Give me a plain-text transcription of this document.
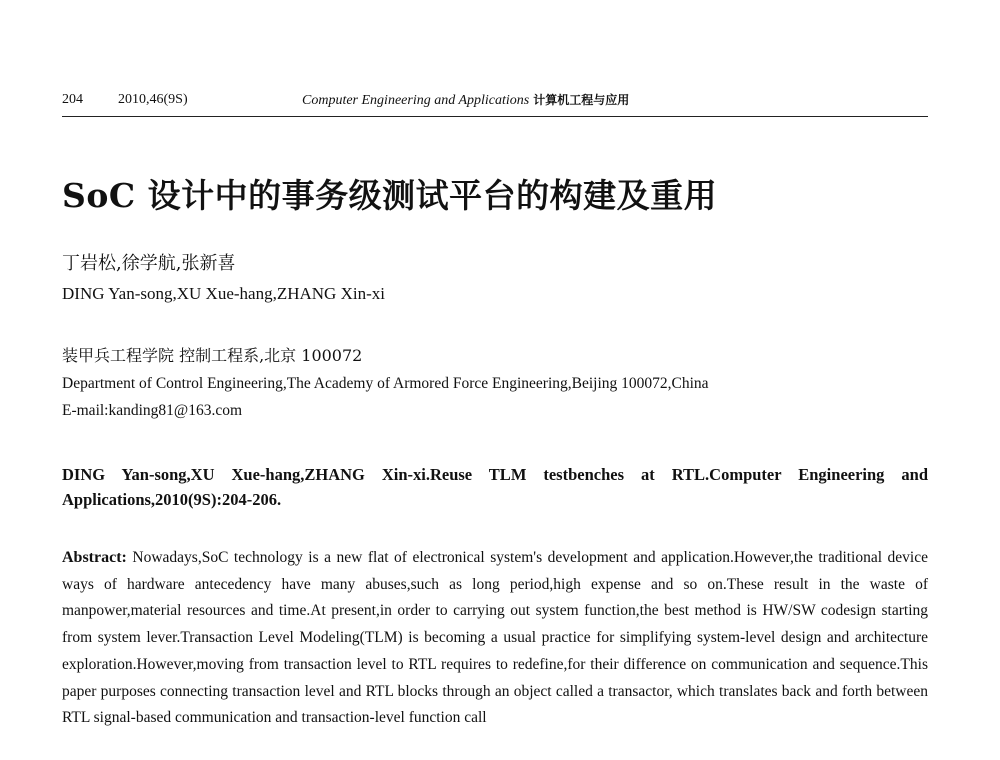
204	2010,46(9S)	Computer Engineering and Applications 计算机工程与应用
SoC 设计中的事务级测试平台的构建及重用
丁岩松,徐学航,张新喜
DING Yan-song,XU Xue-hang,ZHANG Xin-xi
装甲兵工程学院 控制工程系,北京 100072
Department of Control Engineering,The Academy of Armored Force Engineering,Beijing 100072,China
E-mail:kanding81@163.com
DING Yan-song,XU Xue-hang,ZHANG Xin-xi.Reuse TLM testbenches at RTL.Computer Engineering and Applications,2010(9S):204-206.
Abstract: Nowadays,SoC technology is a new flat of electronical system's development and application.However,the traditional device ways of hardware antecedency have many abuses,such as long period,high expense and so on.These result in the waste of manpower,material resources and time.At present,in order to carrying out system function,the best method is HW/SW codesign starting from system lever.Transaction Level Modeling(TLM) is becoming a usual practice for simplifying system-level design and architecture exploration.However,moving from transaction level to RTL requires to redefine,for their difference on communication and sequence.This paper purposes connecting transaction level and RTL blocks through an object called a transactor, which translates back and forth between RTL signal-based communication and transaction-level function call
